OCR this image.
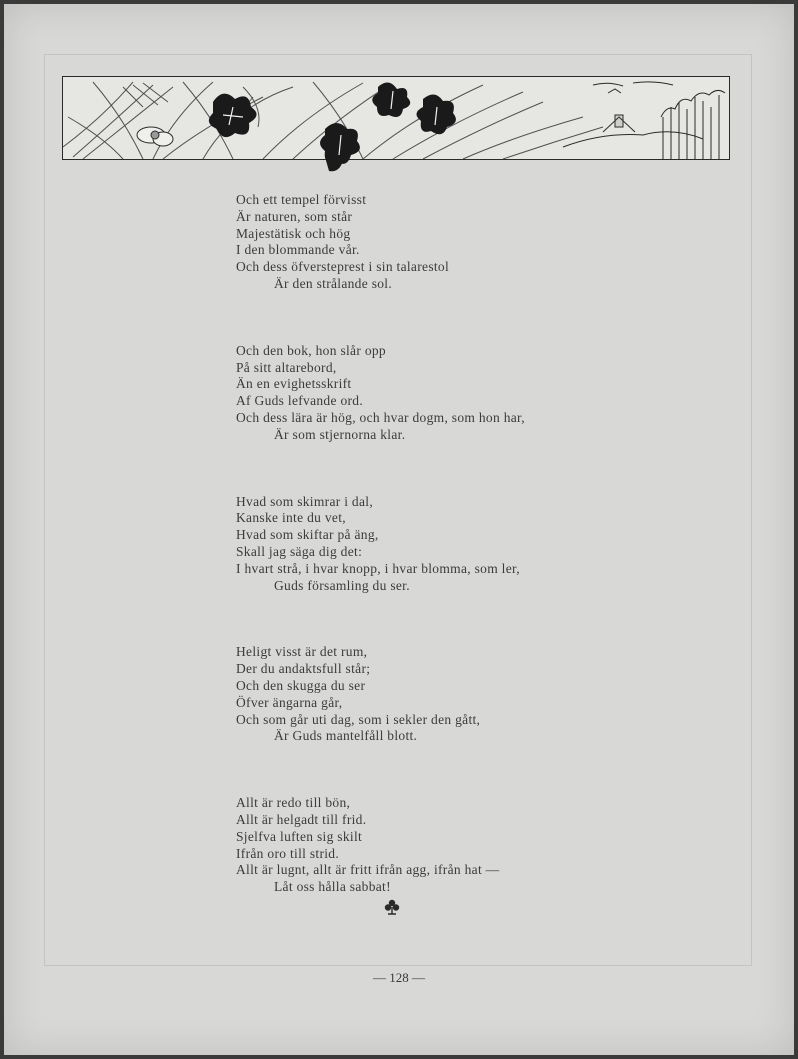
Och ett tempel förvisst
Är naturen, som står
Majestätisk och hög
I den blommande vår.
Och dess öfversteprest i sin talarestol
Är den strålande sol.
Och den bok, hon slår opp
På sitt altarebord,
Än en evighetsskrift
Af Guds lefvande ord.
Och dess lära är hög, och hvar dogm, som hon har,
Är som stjernorna klar.
Hvad som skimrar i dal,
Kanske inte du vet,
Hvad som skiftar på äng,
Skall jag säga dig det:
I hvart strå, i hvar knopp, i hvar blomma, som ler,
Guds församling du ser.
Heligt visst är det rum,
Der du andaktsfull står;
Och den skugga du ser
Öfver ängarna går,
Och som går uti dag, som i sekler den gått,
Är Guds mantelfåll blott.
Allt är redo till bön,
Allt är helgadt till frid.
Sjelfva luften sig skilt
Ifrån oro till strid.
Allt är lugnt, allt är fritt ifrån agg, ifrån hat —
Låt oss hålla sabbat!
— 128 —
